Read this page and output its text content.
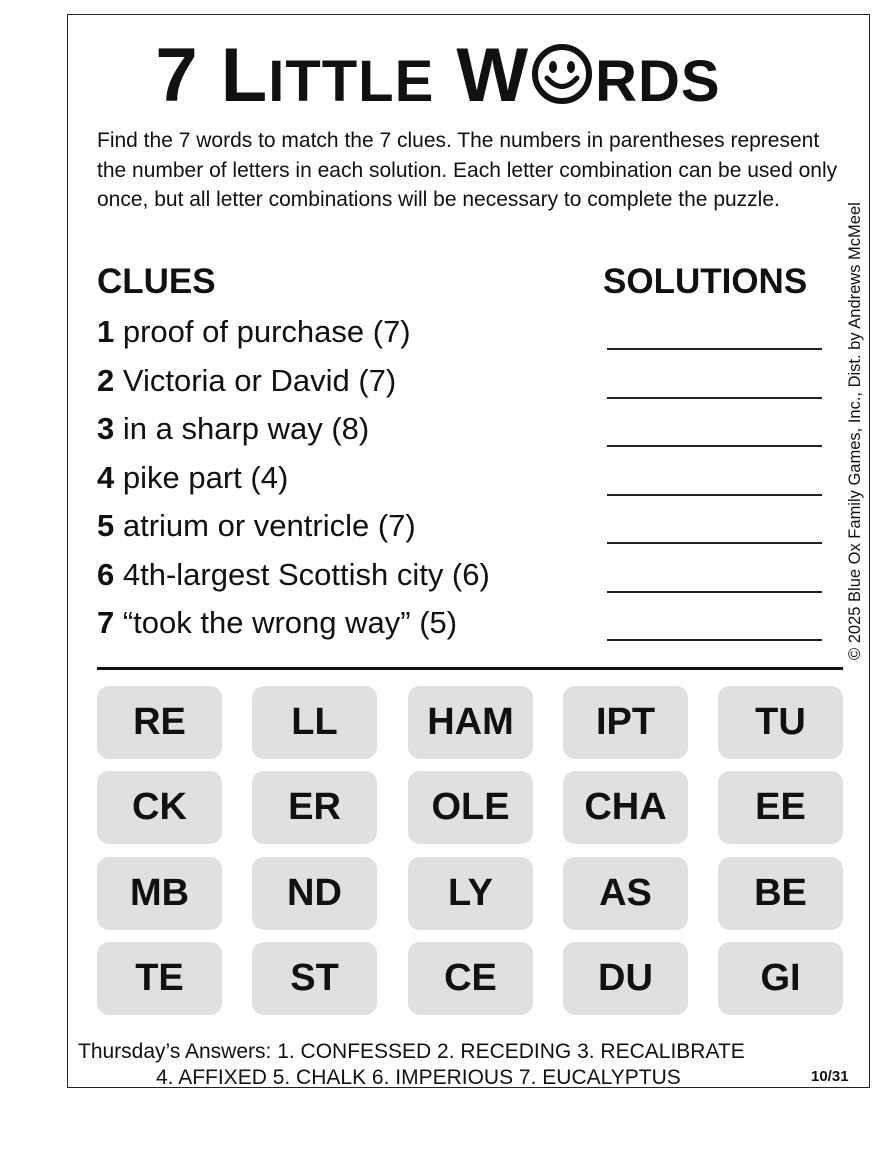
7 LITTLE W RDS
Find the 7 words to match the 7 clues. The numbers in parentheses represent the number of letters in each solution. Each letter combination can be used only once, but all letter combinations will be necessary to complete the puzzle.
© 2025 Blue Ox Family Games, Inc., Dist. by Andrews McMeel
CLUES	SOLUTIONS
1 proof of purchase (7)
2 Victoria or David (7)
3 in a sharp way (8)
4 pike part (4)
5 atrium or ventricle (7)
6 4th-largest Scottish city (6)
7 “took the wrong way” (5)
RE	LL	HAM	IPT	TU
CK	ER	OLE	CHA	EE
MB	ND	LY	AS	BE
TE	ST	CE	DU	GI
Thursday’s Answers: 1. CONFESSED 2. RECEDING 3. RECALIBRATE
4. AFFIXED 5. CHALK 6. IMPERIOUS 7. EUCALYPTUS	10/31
